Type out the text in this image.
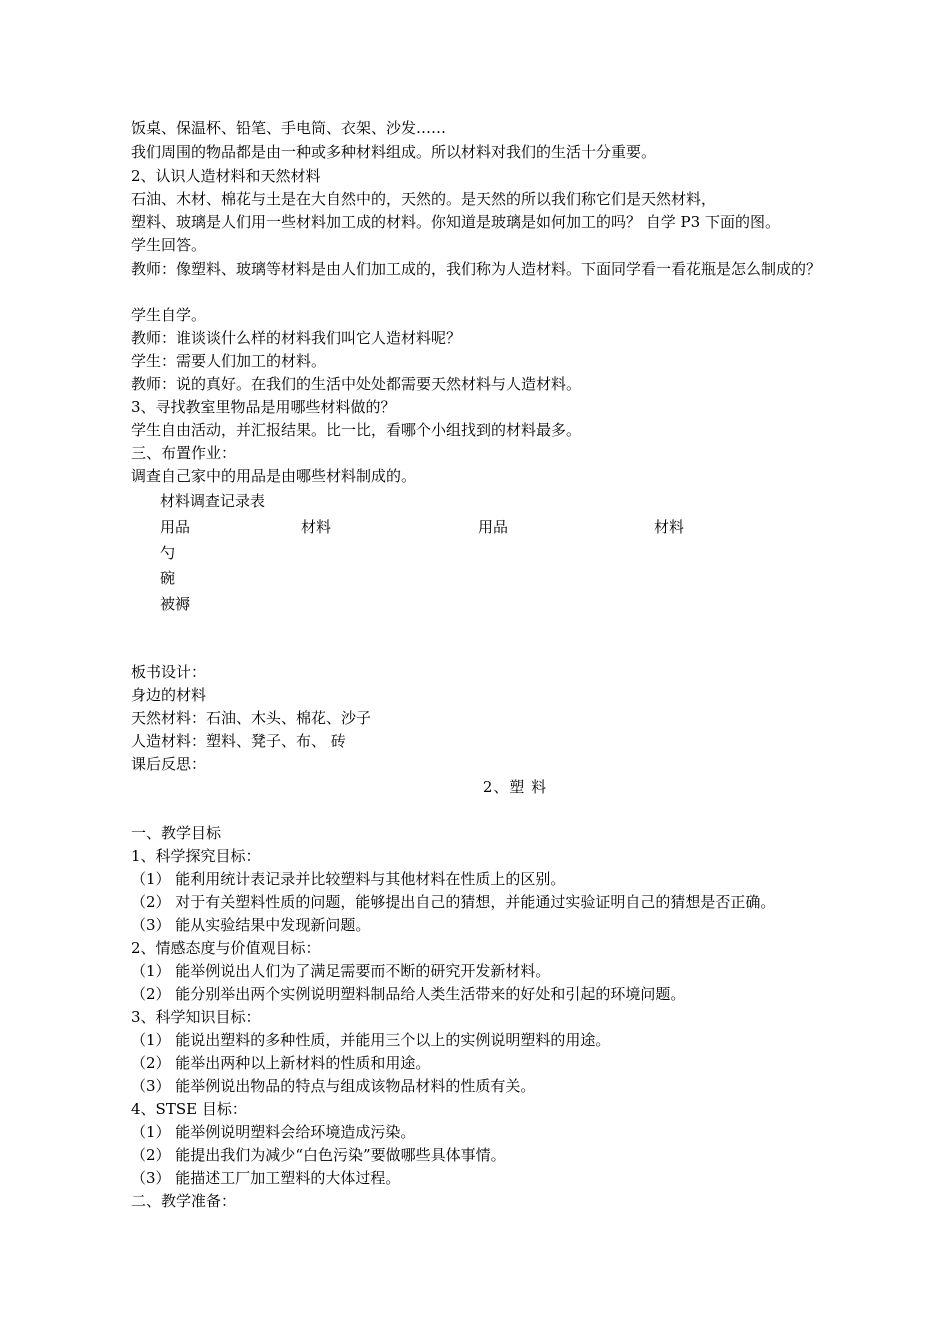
饭桌、保温杯、铅笔、手电筒、衣架、沙发……
我们周围的物品都是由一种或多种材料组成。所以材料对我们的生活十分重要。
2、认识人造材料和天然材料
石油、木材、棉花与土是在大自然中的，天然的。是天然的所以我们称它们是天然材料，
塑料、玻璃是人们用一些材料加工成的材料。你知道是玻璃是如何加工的吗？ 自学 P3 下面的图。
学生回答。
教师：像塑料、玻璃等材料是由人们加工成的，我们称为人造材料。下面同学看一看花瓶是怎么制成的？
学生自学。
教师：谁谈谈什么样的材料我们叫它人造材料呢？
学生：需要人们加工的材料。
教师：说的真好。在我们的生活中处处都需要天然材料与人造材料。
3、寻找教室里物品是用哪些材料做的？
学生自由活动，并汇报结果。比一比，看哪个小组找到的材料最多。
三、布置作业：
调查自己家中的用品是由哪些材料制成的。
材料调查记录表
用品	材料	用品	材料
勺
碗
被褥
板书设计：
身边的材料
天然材料：石油、木头、棉花、沙子
人造材料：塑料、凳子、布、 砖
课后反思：
2、塑 料
一、教学目标
1、科学探究目标：
（1） 能利用统计表记录并比较塑料与其他材料在性质上的区别。
（2） 对于有关塑料性质的问题，能够提出自己的猜想，并能通过实验证明自己的猜想是否正确。
（3） 能从实验结果中发现新问题。
2、情感态度与价值观目标：
（1） 能举例说出人们为了满足需要而不断的研究开发新材料。
（2） 能分别举出两个实例说明塑料制品给人类生活带来的好处和引起的环境问题。
3、科学知识目标：
（1） 能说出塑料的多种性质，并能用三个以上的实例说明塑料的用途。
（2） 能举出两种以上新材料的性质和用途。
（3） 能举例说出物品的特点与组成该物品材料的性质有关。
4、STSE 目标：
（1） 能举例说明塑料会给环境造成污染。
（2） 能提出我们为减少“白色污染”要做哪些具体事情。
（3） 能描述工厂加工塑料的大体过程。
二、教学准备：
